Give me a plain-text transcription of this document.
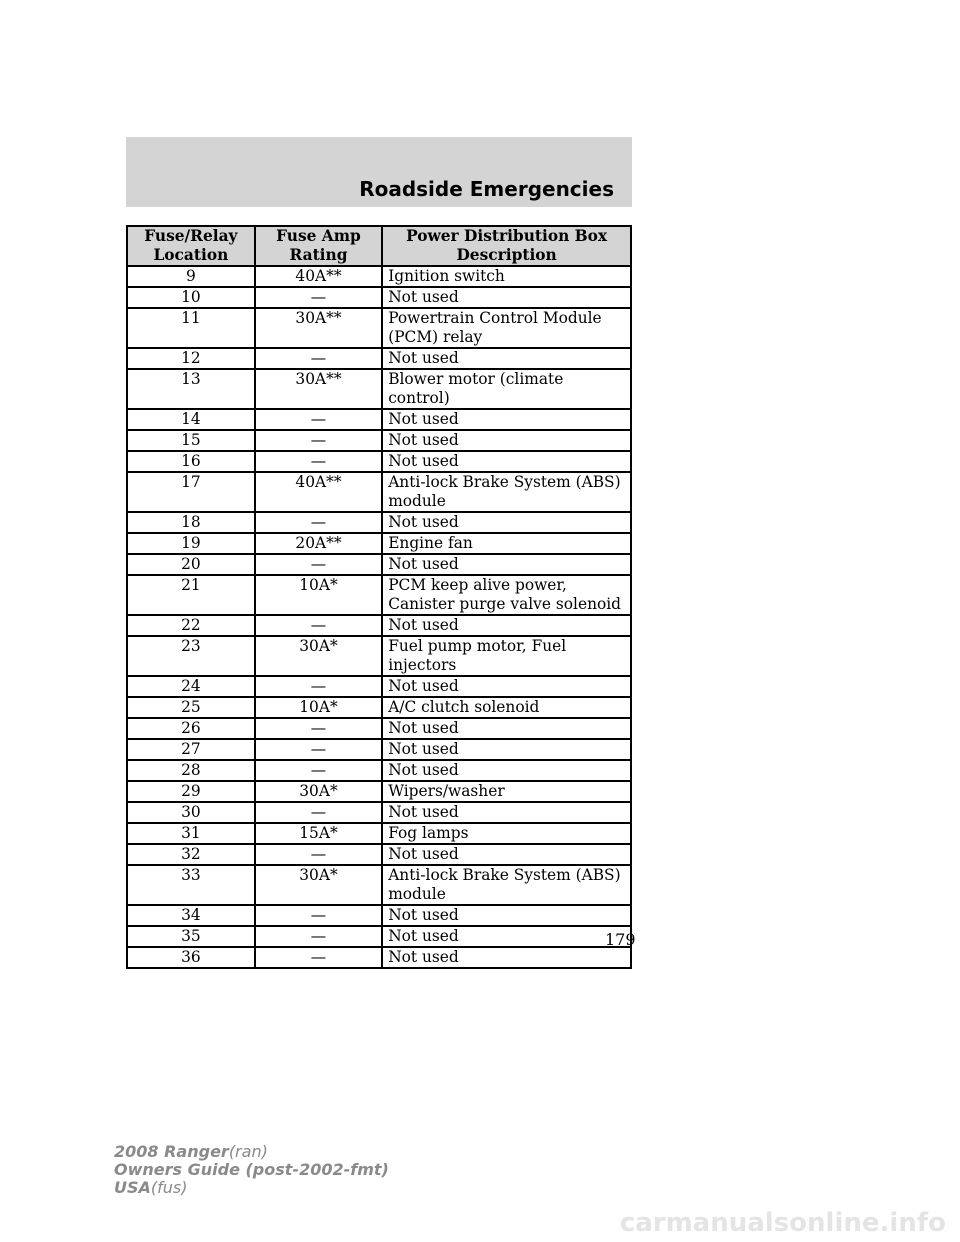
Roadside Emergencies
Fuse/Relay Location	Fuse Amp Rating	Power Distribution Box Description
9	40A**	Ignition switch
10	—	Not used
11	30A**	Powertrain Control Module (PCM) relay
12	—	Not used
13	30A**	Blower motor (climate control)
14	—	Not used
15	—	Not used
16	—	Not used
17	40A**	Anti-lock Brake System (ABS) module
18	—	Not used
19	20A**	Engine fan
20	—	Not used
21	10A*	PCM keep alive power, Canister purge valve solenoid
22	—	Not used
23	30A*	Fuel pump motor, Fuel injectors
24	—	Not used
25	10A*	A/C clutch solenoid
26	—	Not used
27	—	Not used
28	—	Not used
29	30A*	Wipers/washer
30	—	Not used
31	15A*	Fog lamps
32	—	Not used
33	30A*	Anti-lock Brake System (ABS) module
34	—	Not used
35	—	Not used
36	—	Not used
179
2008 Ranger(ran)
Owners Guide (post-2002-fmt)
USA(fus)
carmanualsonline.info
